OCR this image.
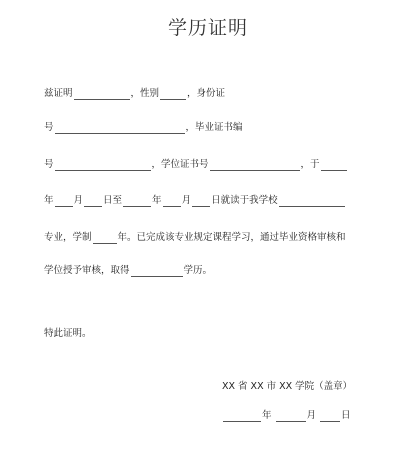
学历证明
兹证明	，性别	，身份证
号	，毕业证书编
号	，学位证书号	，于
年 月 日至	年 月 日就读于我学校
专业，学制	年。已完成该专业规定课程学习，通过毕业资格审核和
学位授予审核，取得	学历。
特此证明。
XX 省 XX 市 XX 学院（盖章）
年	月	日
